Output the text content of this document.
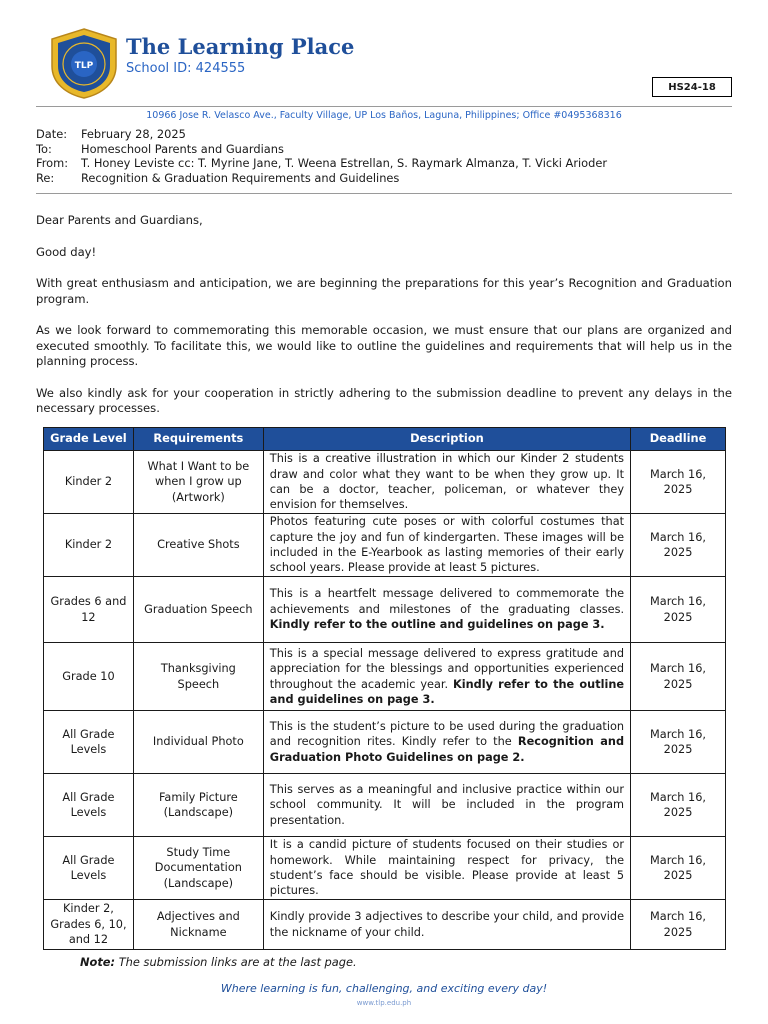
TLP
The Learning Place
School ID: 424555
HS24-18
10966 Jose R. Velasco Ave., Faculty Village, UP Los Baños, Laguna, Philippines; Office #0495368316
Date:	February 28, 2025
To:	Homeschool Parents and Guardians
From:	T. Honey Leviste cc: T. Myrine Jane, T. Weena Estrellan, S. Raymark Almanza, T. Vicki Arioder
Re:	Recognition & Graduation Requirements and Guidelines

Dear Parents and Guardians,

Good day!

With great enthusiasm and anticipation, we are beginning the preparations for this year’s Recognition and Graduation program.

As we look forward to commemorating this memorable occasion, we must ensure that our plans are organized and executed smoothly. To facilitate this, we would like to outline the guidelines and requirements that will help us in the planning process.

We also kindly ask for your cooperation in strictly adhering to the submission deadline to prevent any delays in the necessary processes.

Grade Level	Requirements	Description	Deadline
Kinder 2	What I Want to be when I grow up (Artwork)	This is a creative illustration in which our Kinder 2 students draw and color what they want to be when they grow up. It can be a doctor, teacher, policeman, or whatever they envision for themselves.	March 16, 2025
Kinder 2	Creative Shots	Photos featuring cute poses or with colorful costumes that capture the joy and fun of kindergarten. These images will be included in the E-Yearbook as lasting memories of their early school years. Please provide at least 5 pictures.	March 16, 2025
Grades 6 and 12	Graduation Speech	This is a heartfelt message delivered to commemorate the achievements and milestones of the graduating classes. Kindly refer to the outline and guidelines on page 3.	March 16, 2025
Grade 10	Thanksgiving Speech	This is a special message delivered to express gratitude and appreciation for the blessings and opportunities experienced throughout the academic year. Kindly refer to the outline and guidelines on page 3.	March 16, 2025
All Grade Levels	Individual Photo	This is the student’s picture to be used during the graduation and recognition rites. Kindly refer to the Recognition and Graduation Photo Guidelines on page 2.	March 16, 2025
All Grade Levels	Family Picture (Landscape)	This serves as a meaningful and inclusive practice within our school community. It will be included in the program presentation.	March 16, 2025
All Grade Levels	Study Time Documentation (Landscape)	It is a candid picture of students focused on their studies or homework. While maintaining respect for privacy, the student’s face should be visible. Please provide at least 5 pictures.	March 16, 2025
Kinder 2, Grades 6, 10, and 12	Adjectives and Nickname	Kindly provide 3 adjectives to describe your child, and provide the nickname of your child.	March 16, 2025
Note: The submission links are at the last page.
Where learning is fun, challenging, and exciting every day!
www.tlp.edu.ph
